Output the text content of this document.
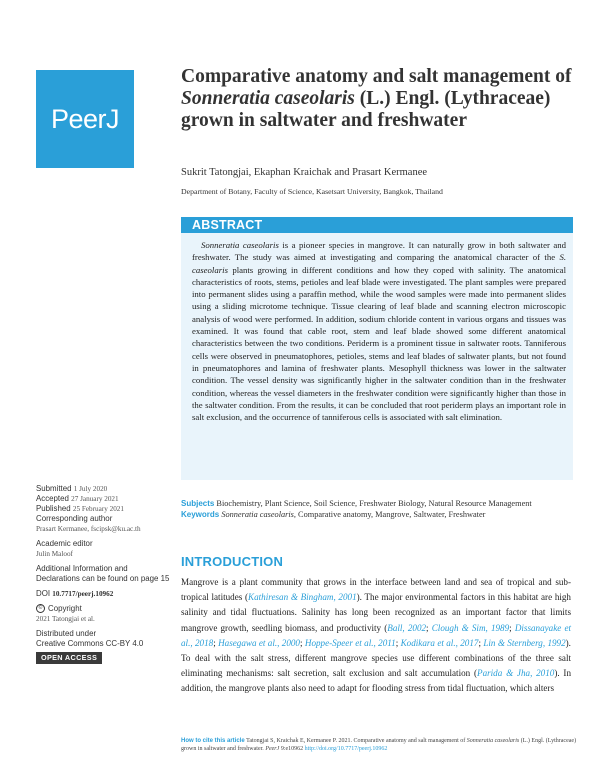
PeerJ
Comparative anatomy and salt management of Sonneratia caseolaris (L.) Engl. (Lythraceae) grown in saltwater and freshwater
Sukrit Tatongjai, Ekaphan Kraichak and Prasart Kermanee
Department of Botany, Faculty of Science, Kasetsart University, Bangkok, Thailand
ABSTRACT

Sonneratia caseolaris is a pioneer species in mangrove. It can naturally grow in both saltwater and freshwater. The study was aimed at investigating and comparing the anatomical character of the S. caseolaris plants growing in different conditions and how they coped with salinity. The anatomical characteristics of roots, stems, petioles and leaf blade were investigated. The plant samples were prepared into permanent slides using a paraffin method, while the wood samples were made into permanent slides using a sliding microtome technique. Tissue clearing of leaf blade and scanning electron microscopic analysis of wood were performed. In addition, sodium chloride content in various organs and tissues was examined. It was found that cable root, stem and leaf blade showed some different anatomical characteristics between the two conditions. Periderm is a prominent tissue in saltwater roots. Tanniferous cells were observed in pneumatophores, petioles, stems and leaf blades of saltwater plants, but not found in pneumatophores and lamina of freshwater plants. Mesophyll thickness was lower in the saltwater condition. The vessel density was significantly higher in the saltwater condition than in the freshwater condition, whereas the vessel diameters in the freshwater condition were significantly higher than those in the saltwater condition. From the results, it can be concluded that root periderm plays an important role in salt exclusion, and the occurrence of tanniferous cells is associated with salt elimination.

Submitted 1 July 2020
Accepted 27 January 2021
Published 25 February 2021
Corresponding author
Prasart Kermanee, fscipsk@ku.ac.th
Academic editor
Julin Maloof
Additional Information and Declarations can be found on page 15
DOI 10.7717/peerj.10962
© Copyright
2021 Tatongjai et al.
Distributed under
Creative Commons CC-BY 4.0
OPEN ACCESS
Subjects Biochemistry, Plant Science, Soil Science, Freshwater Biology, Natural Resource Management
Keywords Sonneratia caseolaris, Comparative anatomy, Mangrove, Saltwater, Freshwater
INTRODUCTION

Mangrove is a plant community that grows in the interface between land and sea of tropical and sub-tropical latitudes (Kathiresan & Bingham, 2001). The major environmental factors in this habitat are high salinity and tidal fluctuations. Salinity has long been recognized as an important factor that limits mangrove growth, seedling biomass, and productivity (Ball, 2002; Clough & Sim, 1989; Dissanayake et al., 2018; Hasegawa et al., 2000; Hoppe-Speer et al., 2011; Kodikara et al., 2017; Lin & Sternberg, 1992). To deal with the salt stress, different mangrove species use different combinations of the three salt eliminating mechanisms: salt secretion, salt exclusion and salt accumulation (Parida & Jha, 2010). In addition, the mangrove plants also need to adapt for flooding stress from tidal fluctuation, which alters

How to cite this article Tatongjai S, Kraichak E, Kermanee P. 2021. Comparative anatomy and salt management of Sonneratia caseolaris (L.) Engl. (Lythraceae) grown in saltwater and freshwater. PeerJ 9:e10962 http://doi.org/10.7717/peerj.10962
